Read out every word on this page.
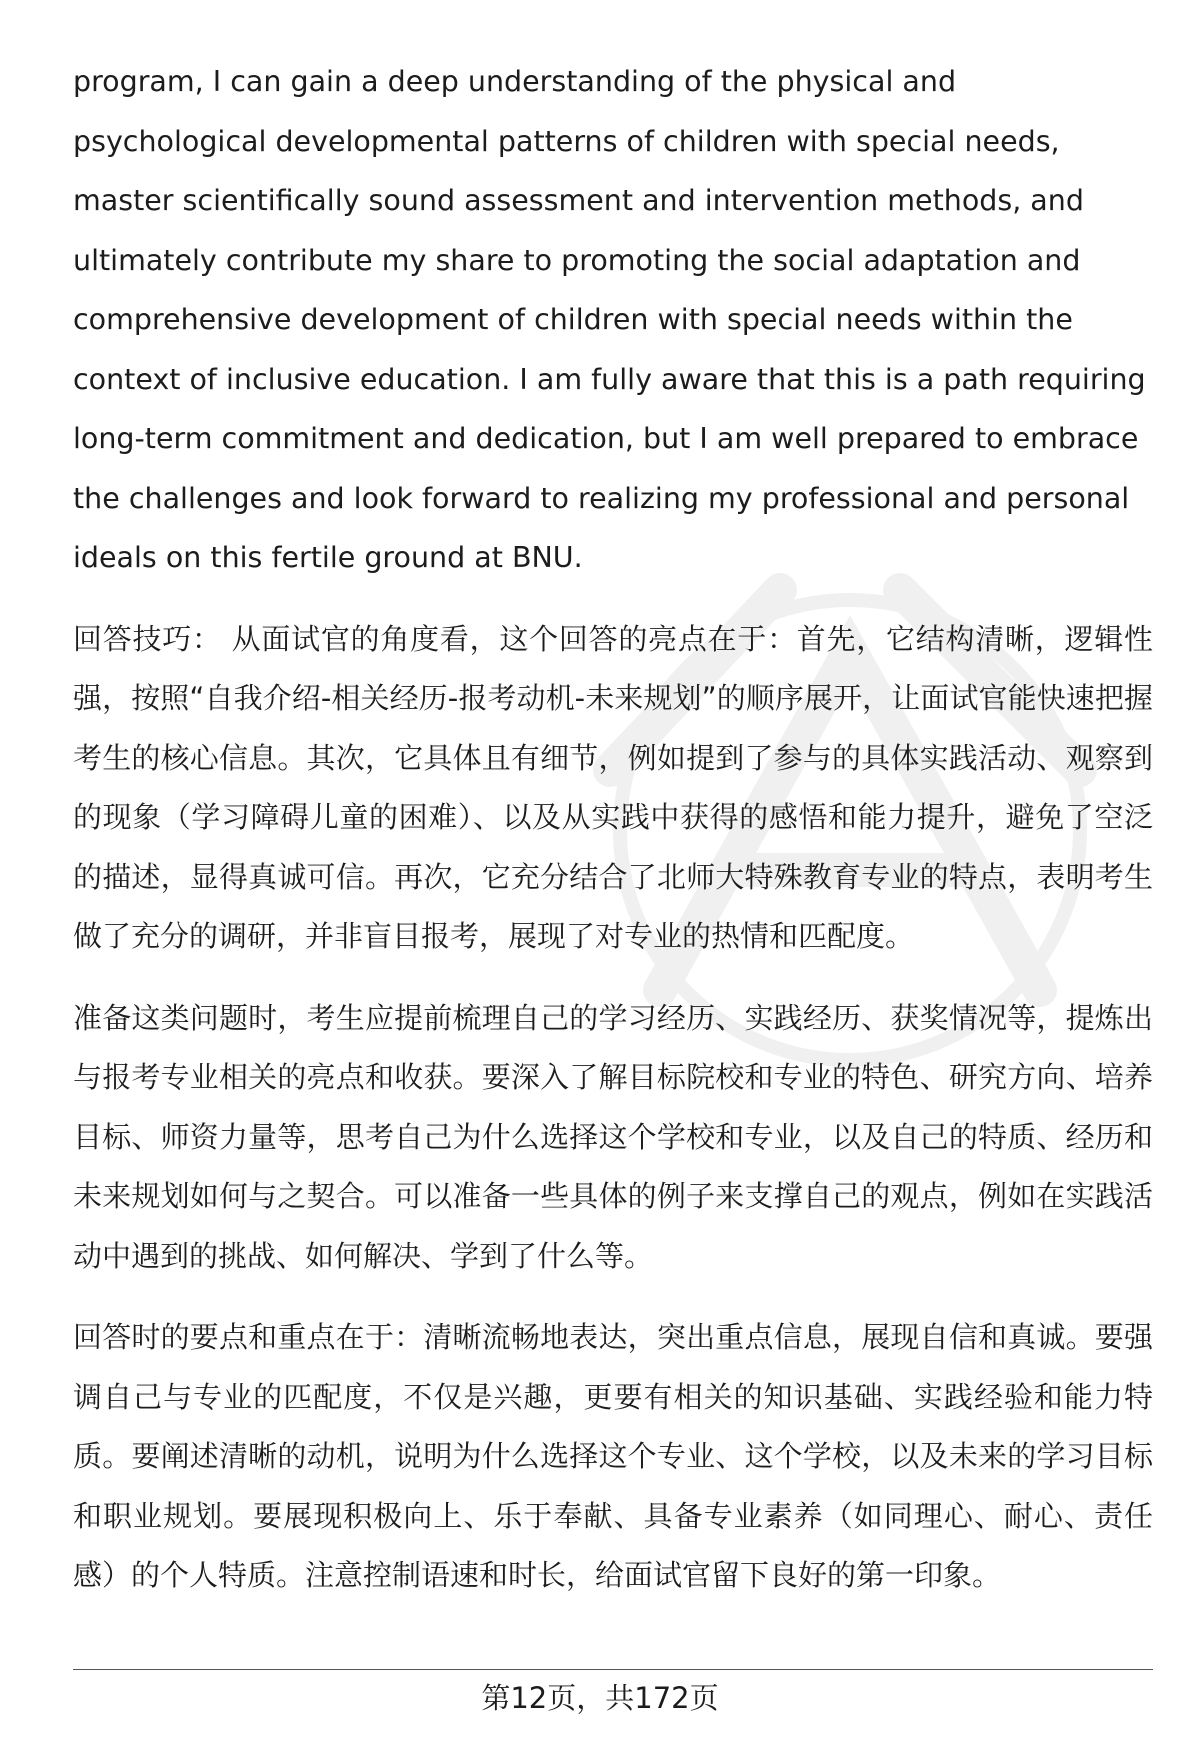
program, I can gain a deep understanding of the physical and psychological developmental patterns of children with special needs, master scientifically sound assessment and intervention methods, and ultimately contribute my share to promoting the social adaptation and comprehensive development of children with special needs within the context of inclusive education. I am fully aware that this is a path requiring long-term commitment and dedication, but I am well prepared to embrace the challenges and look forward to realizing my professional and personal ideals on this fertile ground at BNU.

回答技巧： 从面试官的角度看，这个回答的亮点在于：首先，它结构清晰，逻辑性强，按照“自我介绍-相关经历-报考动机-未来规划”的顺序展开，让面试官能快速把握考生的核心信息。其次，它具体且有细节，例如提到了参与的具体实践活动、观察到的现象（学习障碍儿童的困难）、以及从实践中获得的感悟和能力提升，避免了空泛的描述，显得真诚可信。再次，它充分结合了北师大特殊教育专业的特点，表明考生做了充分的调研，并非盲目报考，展现了对专业的热情和匹配度。

准备这类问题时，考生应提前梳理自己的学习经历、实践经历、获奖情况等，提炼出与报考专业相关的亮点和收获。要深入了解目标院校和专业的特色、研究方向、培养目标、师资力量等，思考自己为什么选择这个学校和专业，以及自己的特质、经历和未来规划如何与之契合。可以准备一些具体的例子来支撑自己的观点，例如在实践活动中遇到的挑战、如何解决、学到了什么等。

回答时的要点和重点在于：清晰流畅地表达，突出重点信息，展现自信和真诚。要强调自己与专业的匹配度，不仅是兴趣，更要有相关的知识基础、实践经验和能力特质。要阐述清晰的动机，说明为什么选择这个专业、这个学校，以及未来的学习目标和职业规划。要展现积极向上、乐于奉献、具备专业素养（如同理心、耐心、责任感）的个人特质。注意控制语速和时长，给面试官留下良好的第一印象。

第12页，共172页
